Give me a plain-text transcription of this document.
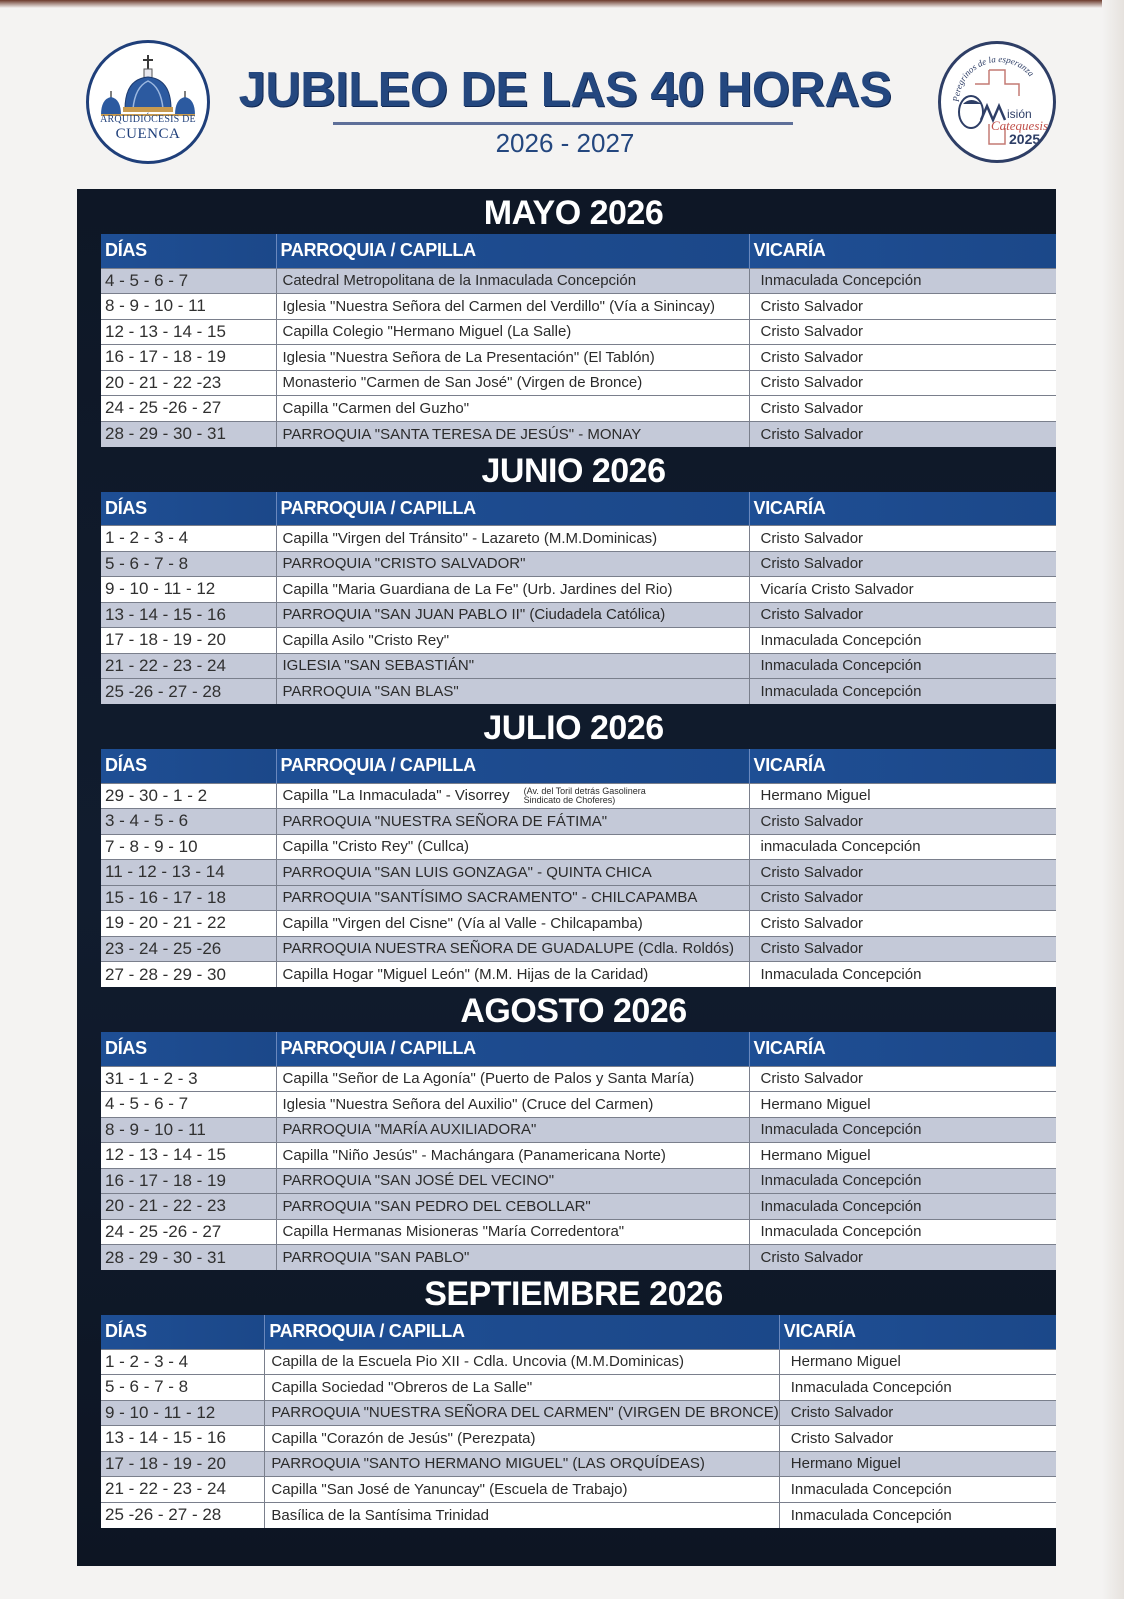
ARQUIDIÓCESIS DE
CUENCA
JUBILEO DE LAS 40 HORAS
2026 - 2027
Peregrinos de la esperanza
isión
Catequesis
2025
MAYO 2026
DÍAS	PARROQUIA / CAPILLA	VICARÍA
4 - 5 - 6 - 7	Catedral Metropolitana de la Inmaculada Concepción	Inmaculada Concepción
8 - 9 - 10 - 11	Iglesia "Nuestra Señora del Carmen del Verdillo" (Vía a Sinincay)	Cristo Salvador
12 - 13 - 14 - 15	Capilla Colegio "Hermano Miguel (La Salle)	Cristo Salvador
16 - 17 - 18 - 19	Iglesia "Nuestra Señora de La Presentación" (El Tablón)	Cristo Salvador
20 - 21 - 22 -23	Monasterio "Carmen de San José" (Virgen de Bronce)	Cristo Salvador
24 - 25 -26 - 27	Capilla "Carmen del Guzho"	Cristo Salvador
28 - 29 - 30 - 31	PARROQUIA "SANTA TERESA DE JESÚS" - MONAY	Cristo Salvador
JUNIO 2026
DÍAS	PARROQUIA / CAPILLA	VICARÍA
1 - 2 - 3 - 4	Capilla "Virgen del Tránsito" - Lazareto (M.M.Dominicas)	Cristo Salvador
5 - 6 - 7 - 8	PARROQUIA "CRISTO SALVADOR"	Cristo Salvador
9 - 10 - 11 - 12	Capilla "Maria Guardiana de La Fe" (Urb. Jardines del Rio)	Vicaría Cristo Salvador
13 - 14 - 15 - 16	PARROQUIA "SAN JUAN PABLO II" (Ciudadela Católica)	Cristo Salvador
17 - 18 - 19 - 20	Capilla Asilo "Cristo Rey"	Inmaculada Concepción
21 - 22 - 23 - 24	IGLESIA "SAN SEBASTIÁN"	Inmaculada Concepción
25 -26 - 27 - 28	PARROQUIA "SAN BLAS"	Inmaculada Concepción
JULIO 2026
DÍAS	PARROQUIA / CAPILLA	VICARÍA
29 - 30 - 1 - 2	Capilla "La Inmaculada" - Visorrey (Av. del Toril detrás Gasolinera Sindicato de Choferes)	Hermano Miguel
3 - 4 - 5 - 6	PARROQUIA "NUESTRA SEÑORA DE FÁTIMA"	Cristo Salvador
7 - 8 - 9 - 10	Capilla "Cristo Rey" (Cullca)	inmaculada Concepción
11 - 12 - 13 - 14	PARROQUIA "SAN LUIS GONZAGA" - QUINTA CHICA	Cristo Salvador
15 - 16 - 17 - 18	PARROQUIA "SANTÍSIMO SACRAMENTO" - CHILCAPAMBA	Cristo Salvador
19 - 20 - 21 - 22	Capilla "Virgen del Cisne" (Vía al Valle - Chilcapamba)	Cristo Salvador
23 - 24 - 25 -26	PARROQUIA NUESTRA SEÑORA DE GUADALUPE (Cdla. Roldós)	Cristo Salvador
27 - 28 - 29 - 30	Capilla Hogar "Miguel León" (M.M. Hijas de la Caridad)	Inmaculada Concepción
AGOSTO 2026
DÍAS	PARROQUIA / CAPILLA	VICARÍA
31 - 1 - 2 - 3	Capilla "Señor de La Agonía" (Puerto de Palos y Santa María)	Cristo Salvador
4 - 5 - 6 - 7	Iglesia "Nuestra Señora del Auxilio" (Cruce del Carmen)	Hermano Miguel
8 - 9 - 10 - 11	PARROQUIA "MARÍA AUXILIADORA"	Inmaculada Concepción
12 - 13 - 14 - 15	Capilla "Niño Jesús" - Machángara (Panamericana Norte)	Hermano Miguel
16 - 17 - 18 - 19	PARROQUIA "SAN JOSÉ DEL VECINO"	Inmaculada Concepción
20 - 21 - 22 - 23	PARROQUIA "SAN PEDRO DEL CEBOLLAR"	Inmaculada Concepción
24 - 25 -26 - 27	Capilla Hermanas Misioneras "María Corredentora"	Inmaculada Concepción
28 - 29 - 30 - 31	PARROQUIA "SAN PABLO"	Cristo Salvador
SEPTIEMBRE 2026
DÍAS	PARROQUIA / CAPILLA	VICARÍA
1 - 2 - 3 - 4	Capilla de la Escuela Pio XII - Cdla. Uncovia (M.M.Dominicas)	Hermano Miguel
5 - 6 - 7 - 8	Capilla Sociedad "Obreros de La Salle"	Inmaculada Concepción
9 - 10 - 11 - 12	PARROQUIA "NUESTRA SEÑORA DEL CARMEN" (VIRGEN DE BRONCE)	Cristo Salvador
13 - 14 - 15 - 16	Capilla "Corazón de Jesús" (Perezpata)	Cristo Salvador
17 - 18 - 19 - 20	PARROQUIA "SANTO HERMANO MIGUEL" (LAS ORQUÍDEAS)	Hermano Miguel
21 - 22 - 23 - 24	Capilla "San José de Yanuncay" (Escuela de Trabajo)	Inmaculada Concepción
25 -26 - 27 - 28	Basílica de la Santísima Trinidad	Inmaculada Concepción
